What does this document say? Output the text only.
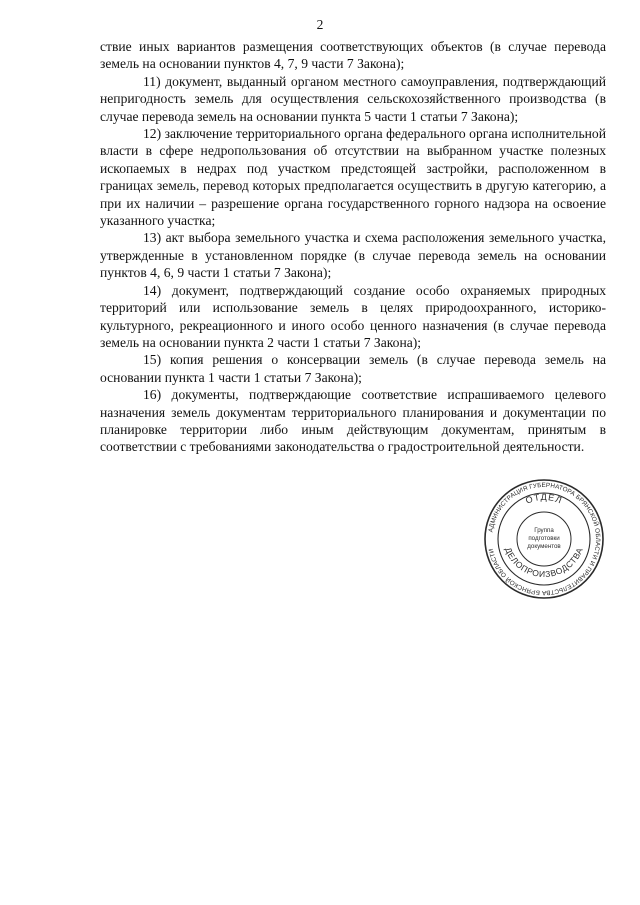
2

ствие иных вариантов размещения соответствующих объектов (в случае перевода земель на основании пунктов 4, 7, 9 части 7 Закона);

11) документ, выданный органом местного самоуправления, подтверждающий непригодность земель для осуществления сельскохозяйственного производства (в случае перевода земель на основании пункта 5 части 1 статьи 7 Закона);

12) заключение территориального органа федерального органа исполнительной власти в сфере недропользования об отсутствии на выбранном участке полезных ископаемых в недрах под участком предстоящей застройки, расположенном в границах земель, перевод которых предполагается осуществить в другую категорию, а при их наличии – разрешение органа государственного горного надзора на освоение указанного участка;

13) акт выбора земельного участка и схема расположения земельного участка, утвержденные в установленном порядке (в случае перевода земель на основании пунктов 4, 6, 9 части 1 статьи 7 Закона);

14) документ, подтверждающий создание особо охраняемых природных территорий или использование земель в целях природоохранного, историко-культурного, рекреационного и иного особо ценного назначения (в случае перевода земель на основании пункта 2 части 1 статьи 7 Закона);

15) копия решения о консервации земель (в случае перевода земель на основании пункта 1 части 1 статьи 7 Закона);

16) документы, подтверждающие соответствие испрашиваемого целевого назначения земель документам территориального планирования и документации по планировке территории либо иным действующим документам, принятым в соответствии с требованиями законодательства о градостроительной деятельности.

АДМИНИСТРАЦИЯ ГУБЕРНАТОРА БРЯНСКОЙ ОБЛАСТИ И ПРАВИТЕЛЬСТВА БРЯНСКОЙ ОБЛАСТИ
ОТДЕЛ
ДЕЛОПРОИЗВОДСТВА
Группа
подготовки
документов
